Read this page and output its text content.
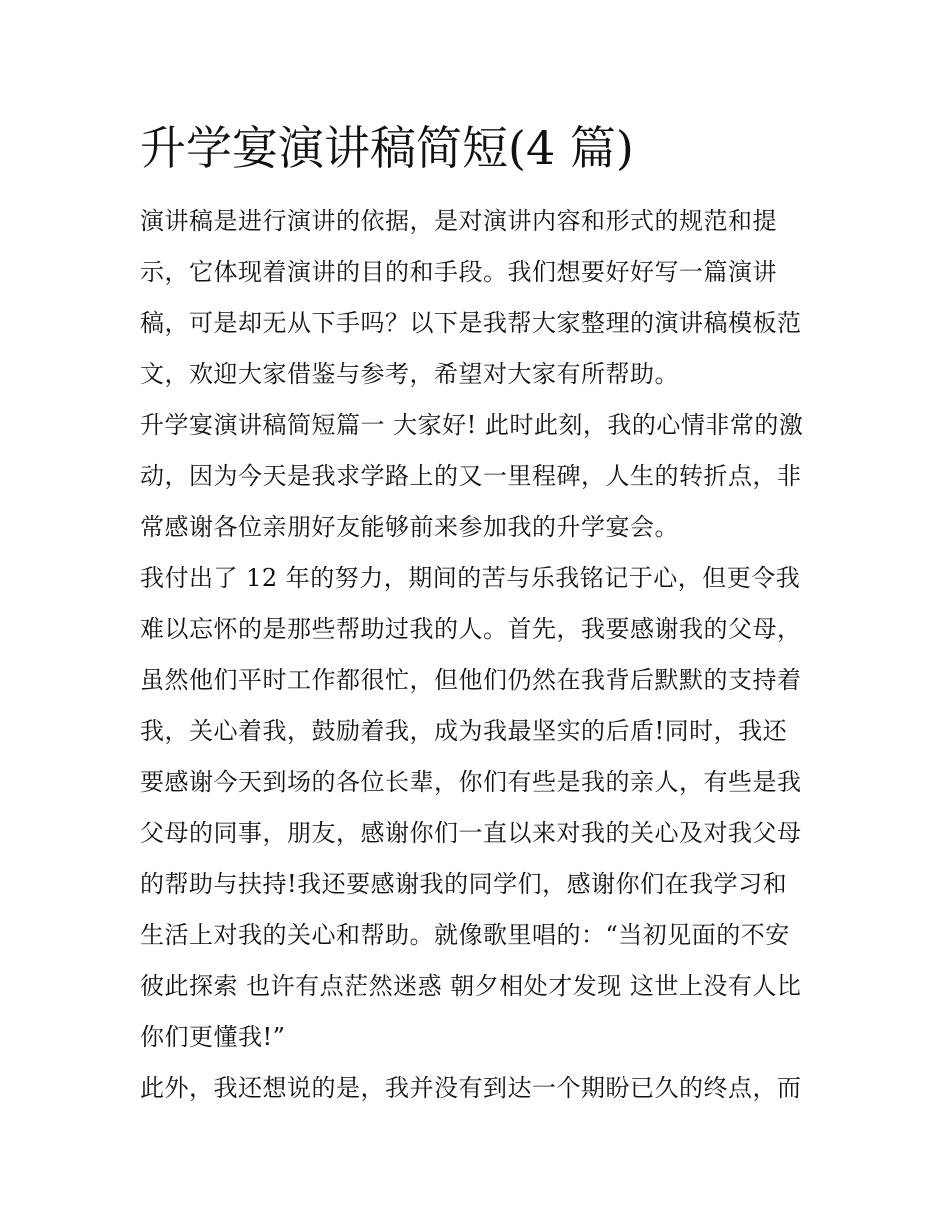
升学宴演讲稿简短(4 篇)
演讲稿是进行演讲的依据，是对演讲内容和形式的规范和提
示，它体现着演讲的目的和手段。我们想要好好写一篇演讲
稿，可是却无从下手吗？以下是我帮大家整理的演讲稿模板范
文，欢迎大家借鉴与参考，希望对大家有所帮助。
升学宴演讲稿简短篇一 大家好! 此时此刻，我的心情非常的激
动，因为今天是我求学路上的又一里程碑，人生的转折点，非
常感谢各位亲朋好友能够前来参加我的升学宴会。
我付出了 12 年的努力，期间的苦与乐我铭记于心，但更令我
难以忘怀的是那些帮助过我的人。首先，我要感谢我的父母，
虽然他们平时工作都很忙，但他们仍然在我背后默默的支持着
我，关心着我，鼓励着我，成为我最坚实的后盾!同时，我还
要感谢今天到场的各位长辈，你们有些是我的亲人，有些是我
父母的同事，朋友，感谢你们一直以来对我的关心及对我父母
的帮助与扶持!我还要感谢我的同学们，感谢你们在我学习和
生活上对我的关心和帮助。就像歌里唱的：“当初见面的不安
彼此探索 也许有点茫然迷惑 朝夕相处才发现 这世上没有人比
你们更懂我!”
此外，我还想说的是，我并没有到达一个期盼已久的终点，而
